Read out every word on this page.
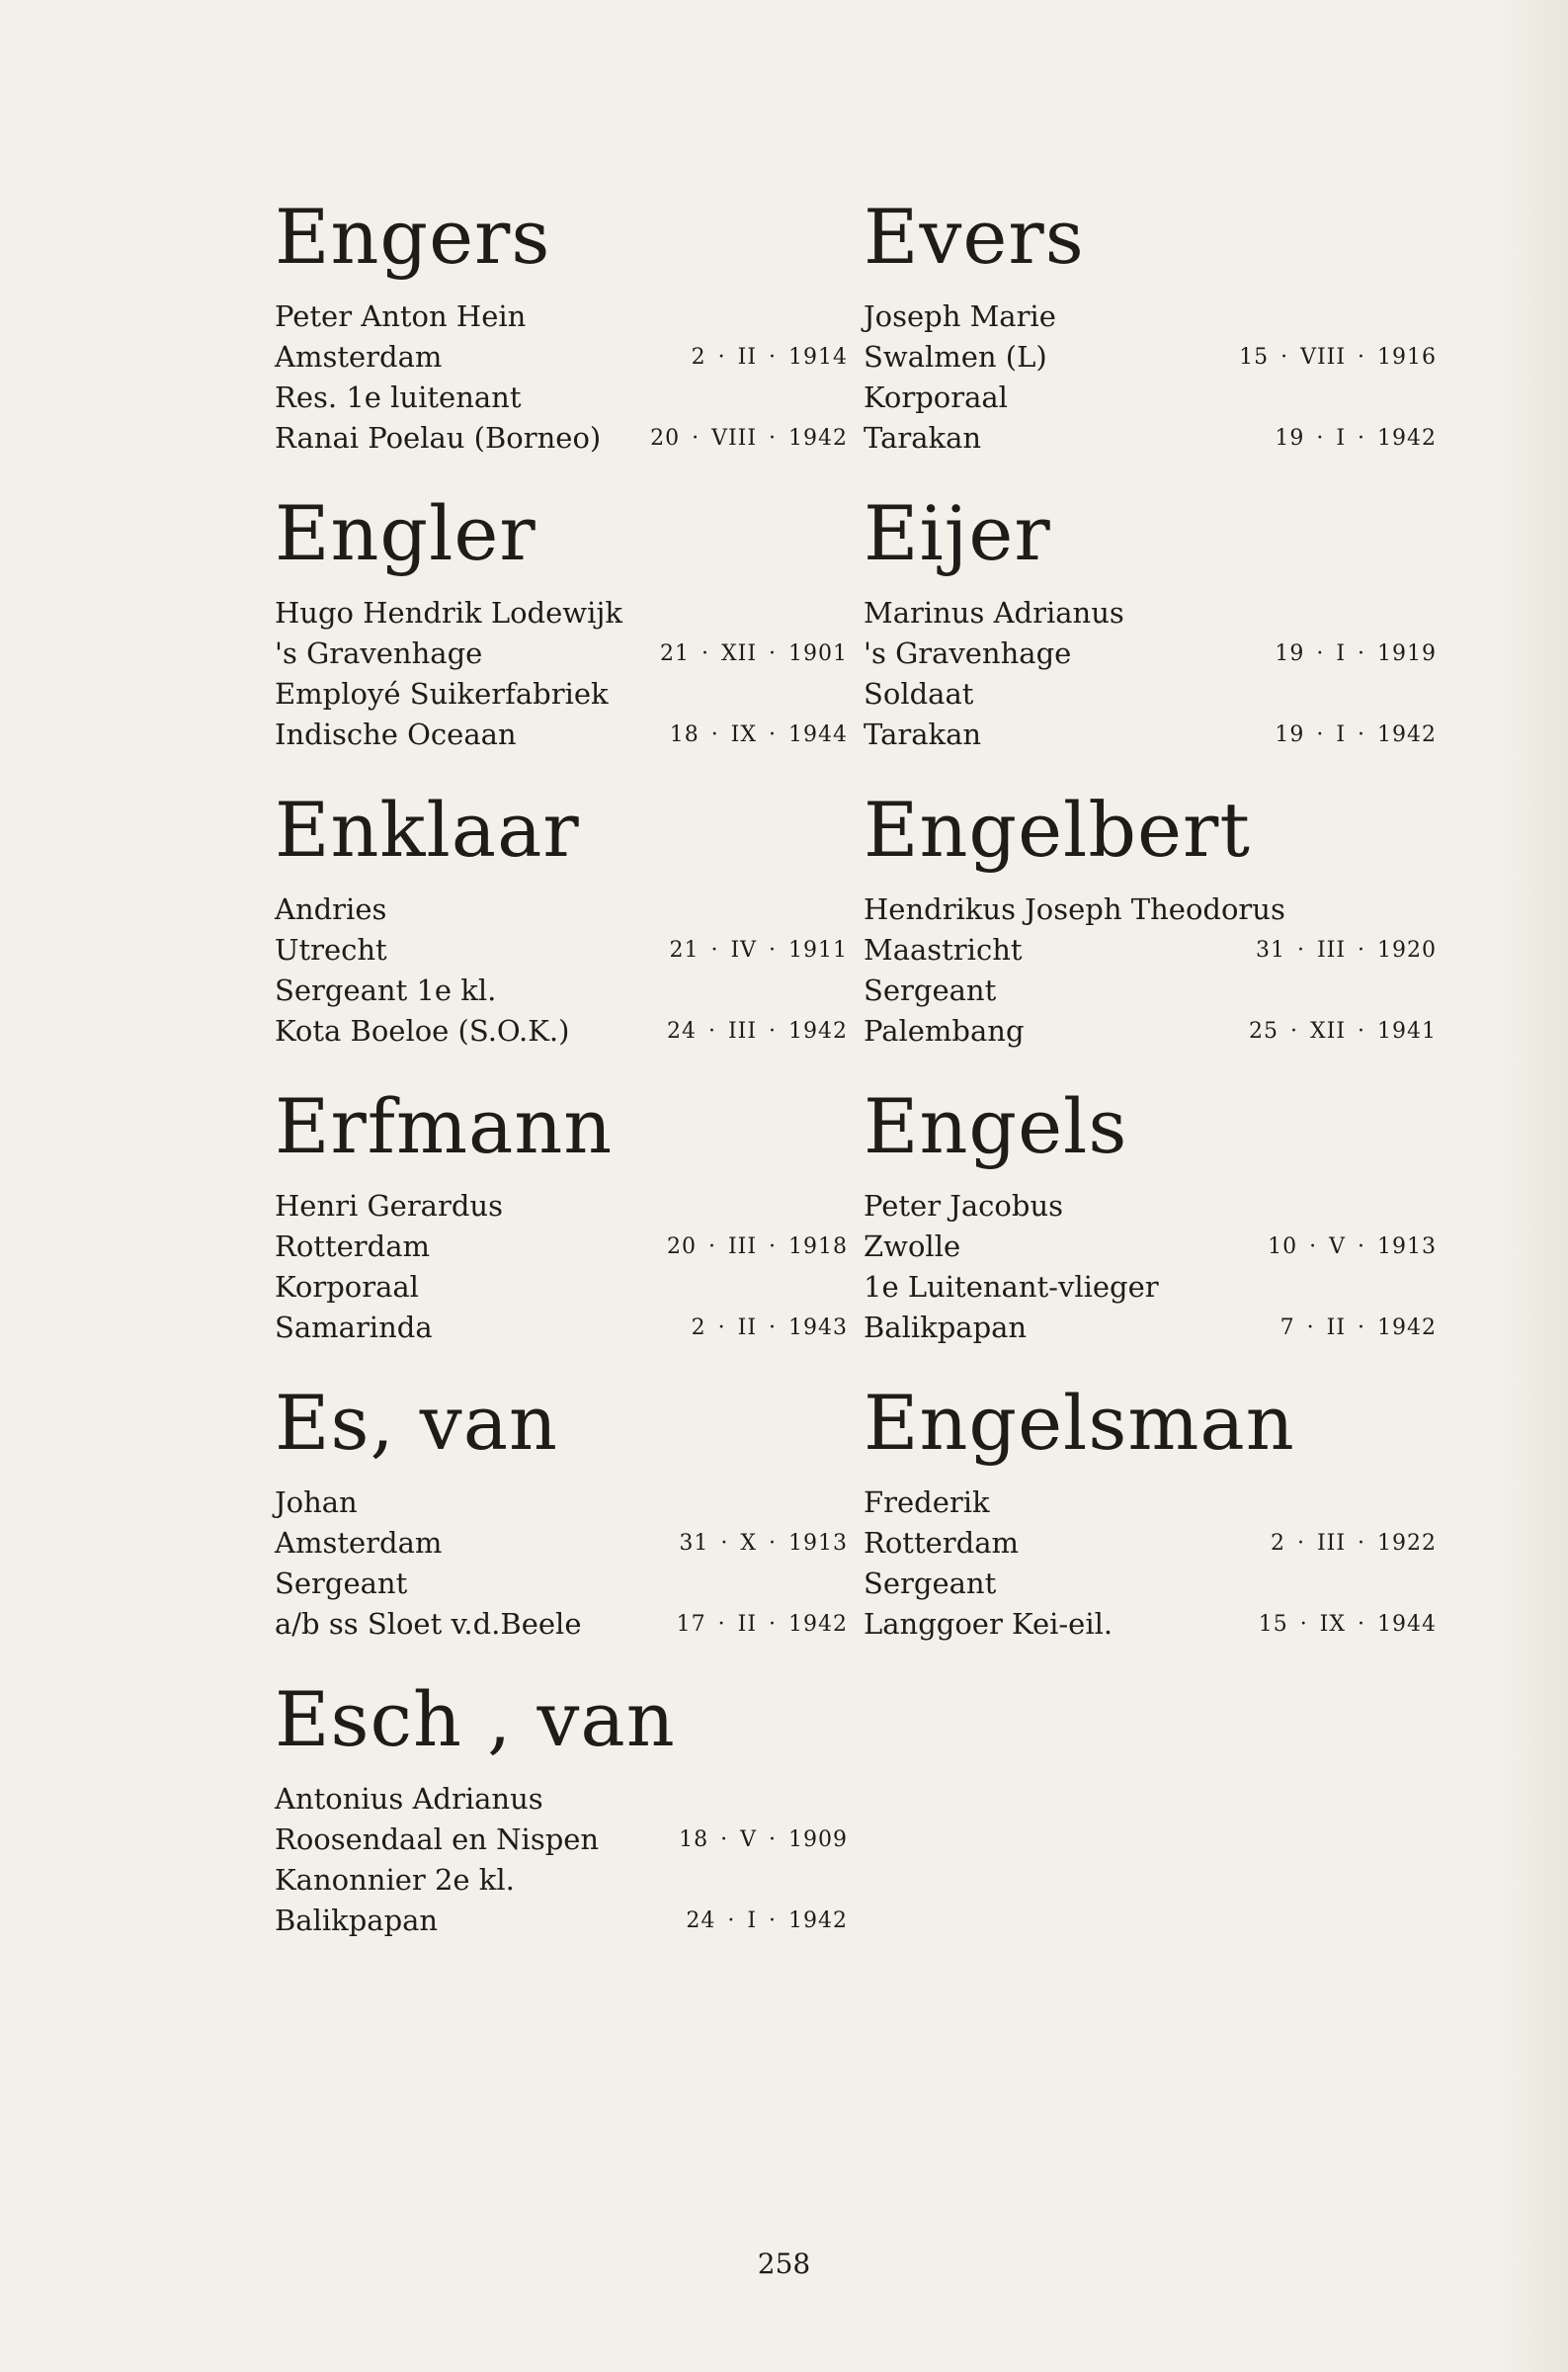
Engers
Peter Anton Hein
Amsterdam	2 · II · 1914
Res. 1e luitenant
Ranai Poelau (Borneo) 20 · VIII · 1942
Engler
Hugo Hendrik Lodewijk
's Gravenhage	21 · XII · 1901
Employé Suikerfabriek
Indische Oceaan	18 · IX · 1944
Enklaar
Andries
Utrecht	21 · IV · 1911
Sergeant 1e kl.
Kota Boeloe (S.O.K.)	24 · III · 1942
Erfmann
Henri Gerardus
Rotterdam	20 · III · 1918
Korporaal
Samarinda	2 · II · 1943
Es, van
Johan
Amsterdam	31 · X · 1913
Sergeant
a/b ss Sloet v.d.Beele	17 · II · 1942
Esch , van
Antonius Adrianus
Roosendaal en Nispen	18 · V · 1909
Kanonnier 2e kl.
Balikpapan	24 · I · 1942
Evers
Joseph Marie
Swalmen (L)	15 · VIII · 1916
Korporaal
Tarakan	19 · I · 1942
Eijer
Marinus Adrianus
's Gravenhage	19 · I · 1919
Soldaat
Tarakan	19 · I · 1942
Engelbert
Hendrikus Joseph Theodorus
Maastricht	31 · III · 1920
Sergeant
Palembang	25 · XII · 1941
Engels
Peter Jacobus
Zwolle	10 · V · 1913
1e Luitenant-vlieger
Balikpapan	7 · II · 1942
Engelsman
Frederik
Rotterdam	2 · III · 1922
Sergeant
Langgoer Kei-eil.	15 · IX · 1944
258
